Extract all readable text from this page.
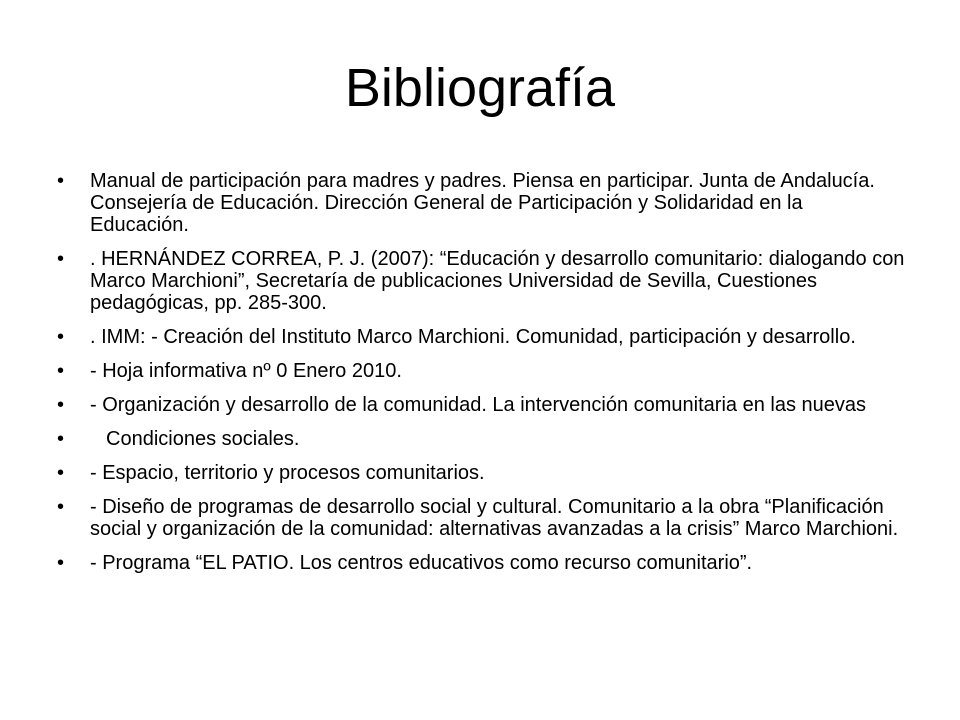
Bibliografía
• Manual de participación para madres y padres. Piensa en participar. Junta de Andalucía. Consejería de Educación. Dirección General de Participación y Solidaridad en la Educación.
• . HERNÁNDEZ CORREA, P. J. (2007): “Educación y desarrollo comunitario: dialogando con Marco Marchioni”, Secretaría de publicaciones Universidad de Sevilla, Cuestiones pedagógicas, pp. 285-300.
• . IMM: - Creación del Instituto Marco Marchioni. Comunidad, participación y desarrollo.
• - Hoja informativa nº 0 Enero 2010.
• - Organización y desarrollo de la comunidad. La intervención comunitaria en las nuevas
•	Condiciones sociales.
• - Espacio, territorio y procesos comunitarios.
• - Diseño de programas de desarrollo social y cultural. Comunitario a la obra “Planificación social y organización de la comunidad: alternativas avanzadas a la crisis” Marco Marchioni.
• - Programa “EL PATIO. Los centros educativos como recurso comunitario”.
